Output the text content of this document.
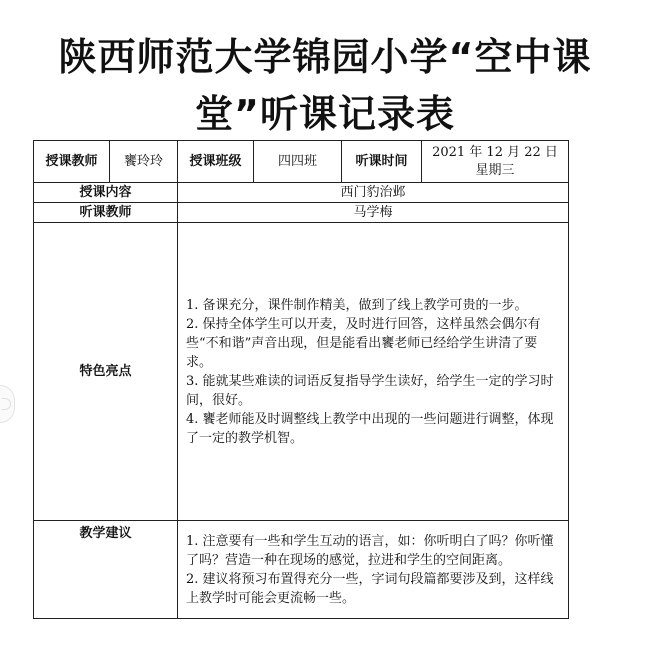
陕西师范大学锦园小学“空中课
堂”听课记录表
授课教师	饔玲玲	授课班级	四四班	听课时间	2021 年 12 月 22 日
星期三

授课内容		西门豹治邺			
听课教师		马学梅			
特色亮点		1. 备课充分，课件制作精美，做到了线上教学可贵的一步。
2. 保持全体学生可以开麦，及时进行回答，这样虽然会偶尔有些“不和谐”声音出现，但是能看出饔老师已经给学生讲清了要求。
3. 能就某些难读的词语反复指导学生读好，给学生一定的学习时间，很好。
4. 饔老师能及时调整线上教学中出现的一些问题进行调整，体现了一定的教学机智。			

教学建议		1. 注意要有一些和学生互动的语言，如：你听明白了吗？你听懂了吗？营造一种在现场的感觉，拉进和学生的空间距离。
2. 建议将预习布置得充分一些，字词句段篇都要涉及到，这样线上教学时可能会更流畅一些。			
